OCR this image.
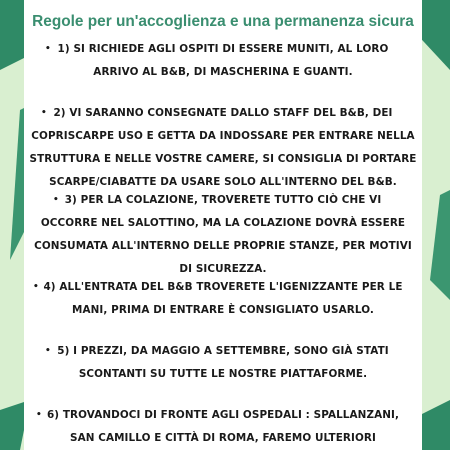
Regole per un'accoglienza e una permanenza sicura
• 1) SI RICHIEDE AGLI OSPITI DI ESSERE MUNITI, AL LORO
ARRIVO AL B&B, DI MASCHERINA E GUANTI.
• 2) VI SARANNO CONSEGNATE DALLO STAFF DEL B&B, DEI
COPRISCARPE USO E GETTA DA INDOSSARE PER ENTRARE NELLA
STRUTTURA E NELLE VOSTRE CAMERE, SI CONSIGLIA DI PORTARE
SCARPE/CIABATTE DA USARE SOLO ALL'INTERNO DEL B&B.
• 3) PER LA COLAZIONE, TROVERETE TUTTO CIÒ CHE VI
OCCORRE NEL SALOTTINO, MA LA COLAZIONE DOVRÀ ESSERE
CONSUMATA ALL'INTERNO DELLE PROPRIE STANZE, PER MOTIVI
DI SICUREZZA.
• 4) ALL'ENTRATA DEL B&B TROVERETE L'IGENIZZANTE PER LE
MANI, PRIMA DI ENTRARE È CONSIGLIATO USARLO.
• 5) I PREZZI, DA MAGGIO A SETTEMBRE, SONO GIÀ STATI
SCONTANTI SU TUTTE LE NOSTRE PIATTAFORME.
• 6) TROVANDOCI DI FRONTE AGLI OSPEDALI : SPALLANZANI,
SAN CAMILLO E CITTÀ DI ROMA, FAREMO ULTERIORI
